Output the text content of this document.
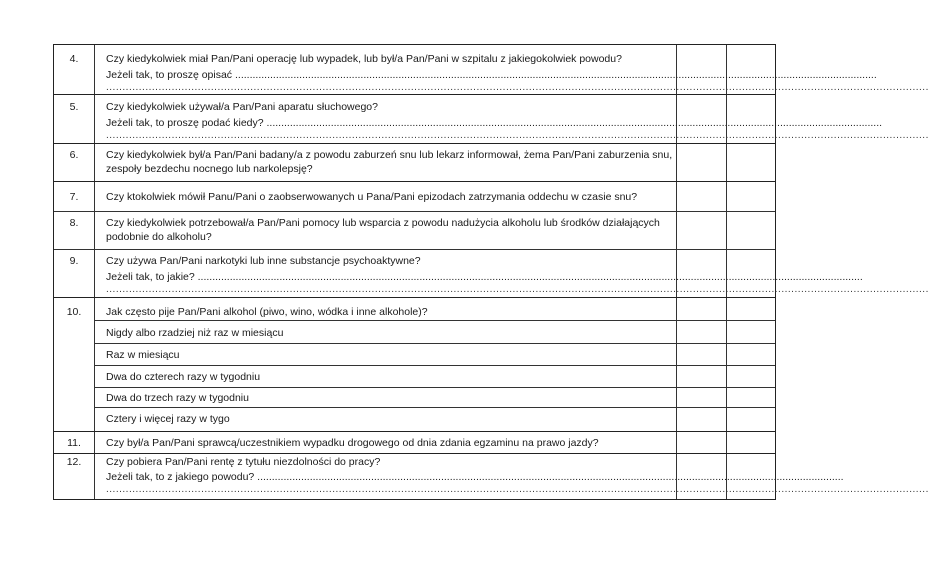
4.	Czy kiedykolwiek miał Pan/Pani operację lub wypadek, lub był/a Pan/Pani w szpitalu z jakiegokolwiek powodu?
Jeżeli tak, to proszę opisać ............................................................................................................................................................................................................................
...........................................................................................................................................................................................................................................................
5.	Czy kiedykolwiek używał/a Pan/Pani aparatu słuchowego?
Jeżeli tak, to proszę podać kiedy? ...................................................................................................................................................................................................................
...........................................................................................................................................................................................................................................................
6.	Czy kiedykolwiek był/a Pan/Pani badany/a z powodu zaburzeń snu lub lekarz informował, żema Pan/Pani zaburzenia snu,
zespoły bezdechu nocnego lub narkolepsję?
7.	Czy ktokolwiek mówił Panu/Pani o zaobserwowanych u Pana/Pani epizodach zatrzymania oddechu w czasie snu?
8.	Czy kiedykolwiek potrzebował/a Pan/Pani pomocy lub wsparcia z powodu nadużycia alkoholu lub środków działających
podobnie do alkoholu?
9.	Czy używa Pan/Pani narkotyki lub inne substancje psychoaktywne?
Jeżeli tak, to jakie? ....................................................................................................................................................................................................................................
...........................................................................................................................................................................................................................................................
10.	Jak często pije Pan/Pani alkohol (piwo, wino, wódka i inne alkohole)?
Nigdy albo rzadziej niż raz w miesiącu
Raz w miesiącu
Dwa do czterech razy w tygodniu
Dwa do trzech razy w tygodniu
Cztery i więcej razy w tygo
11.	Czy był/a Pan/Pani sprawcą/uczestnikiem wypadku drogowego od dnia zdania egzaminu na prawo jazdy?
12.	Czy pobiera Pan/Pani rentę z tytułu niezdolności do pracy?
Jeżeli tak, to z jakiego powodu? .........................................................................................................................................................................................................
...........................................................................................................................................................................................................................................................
